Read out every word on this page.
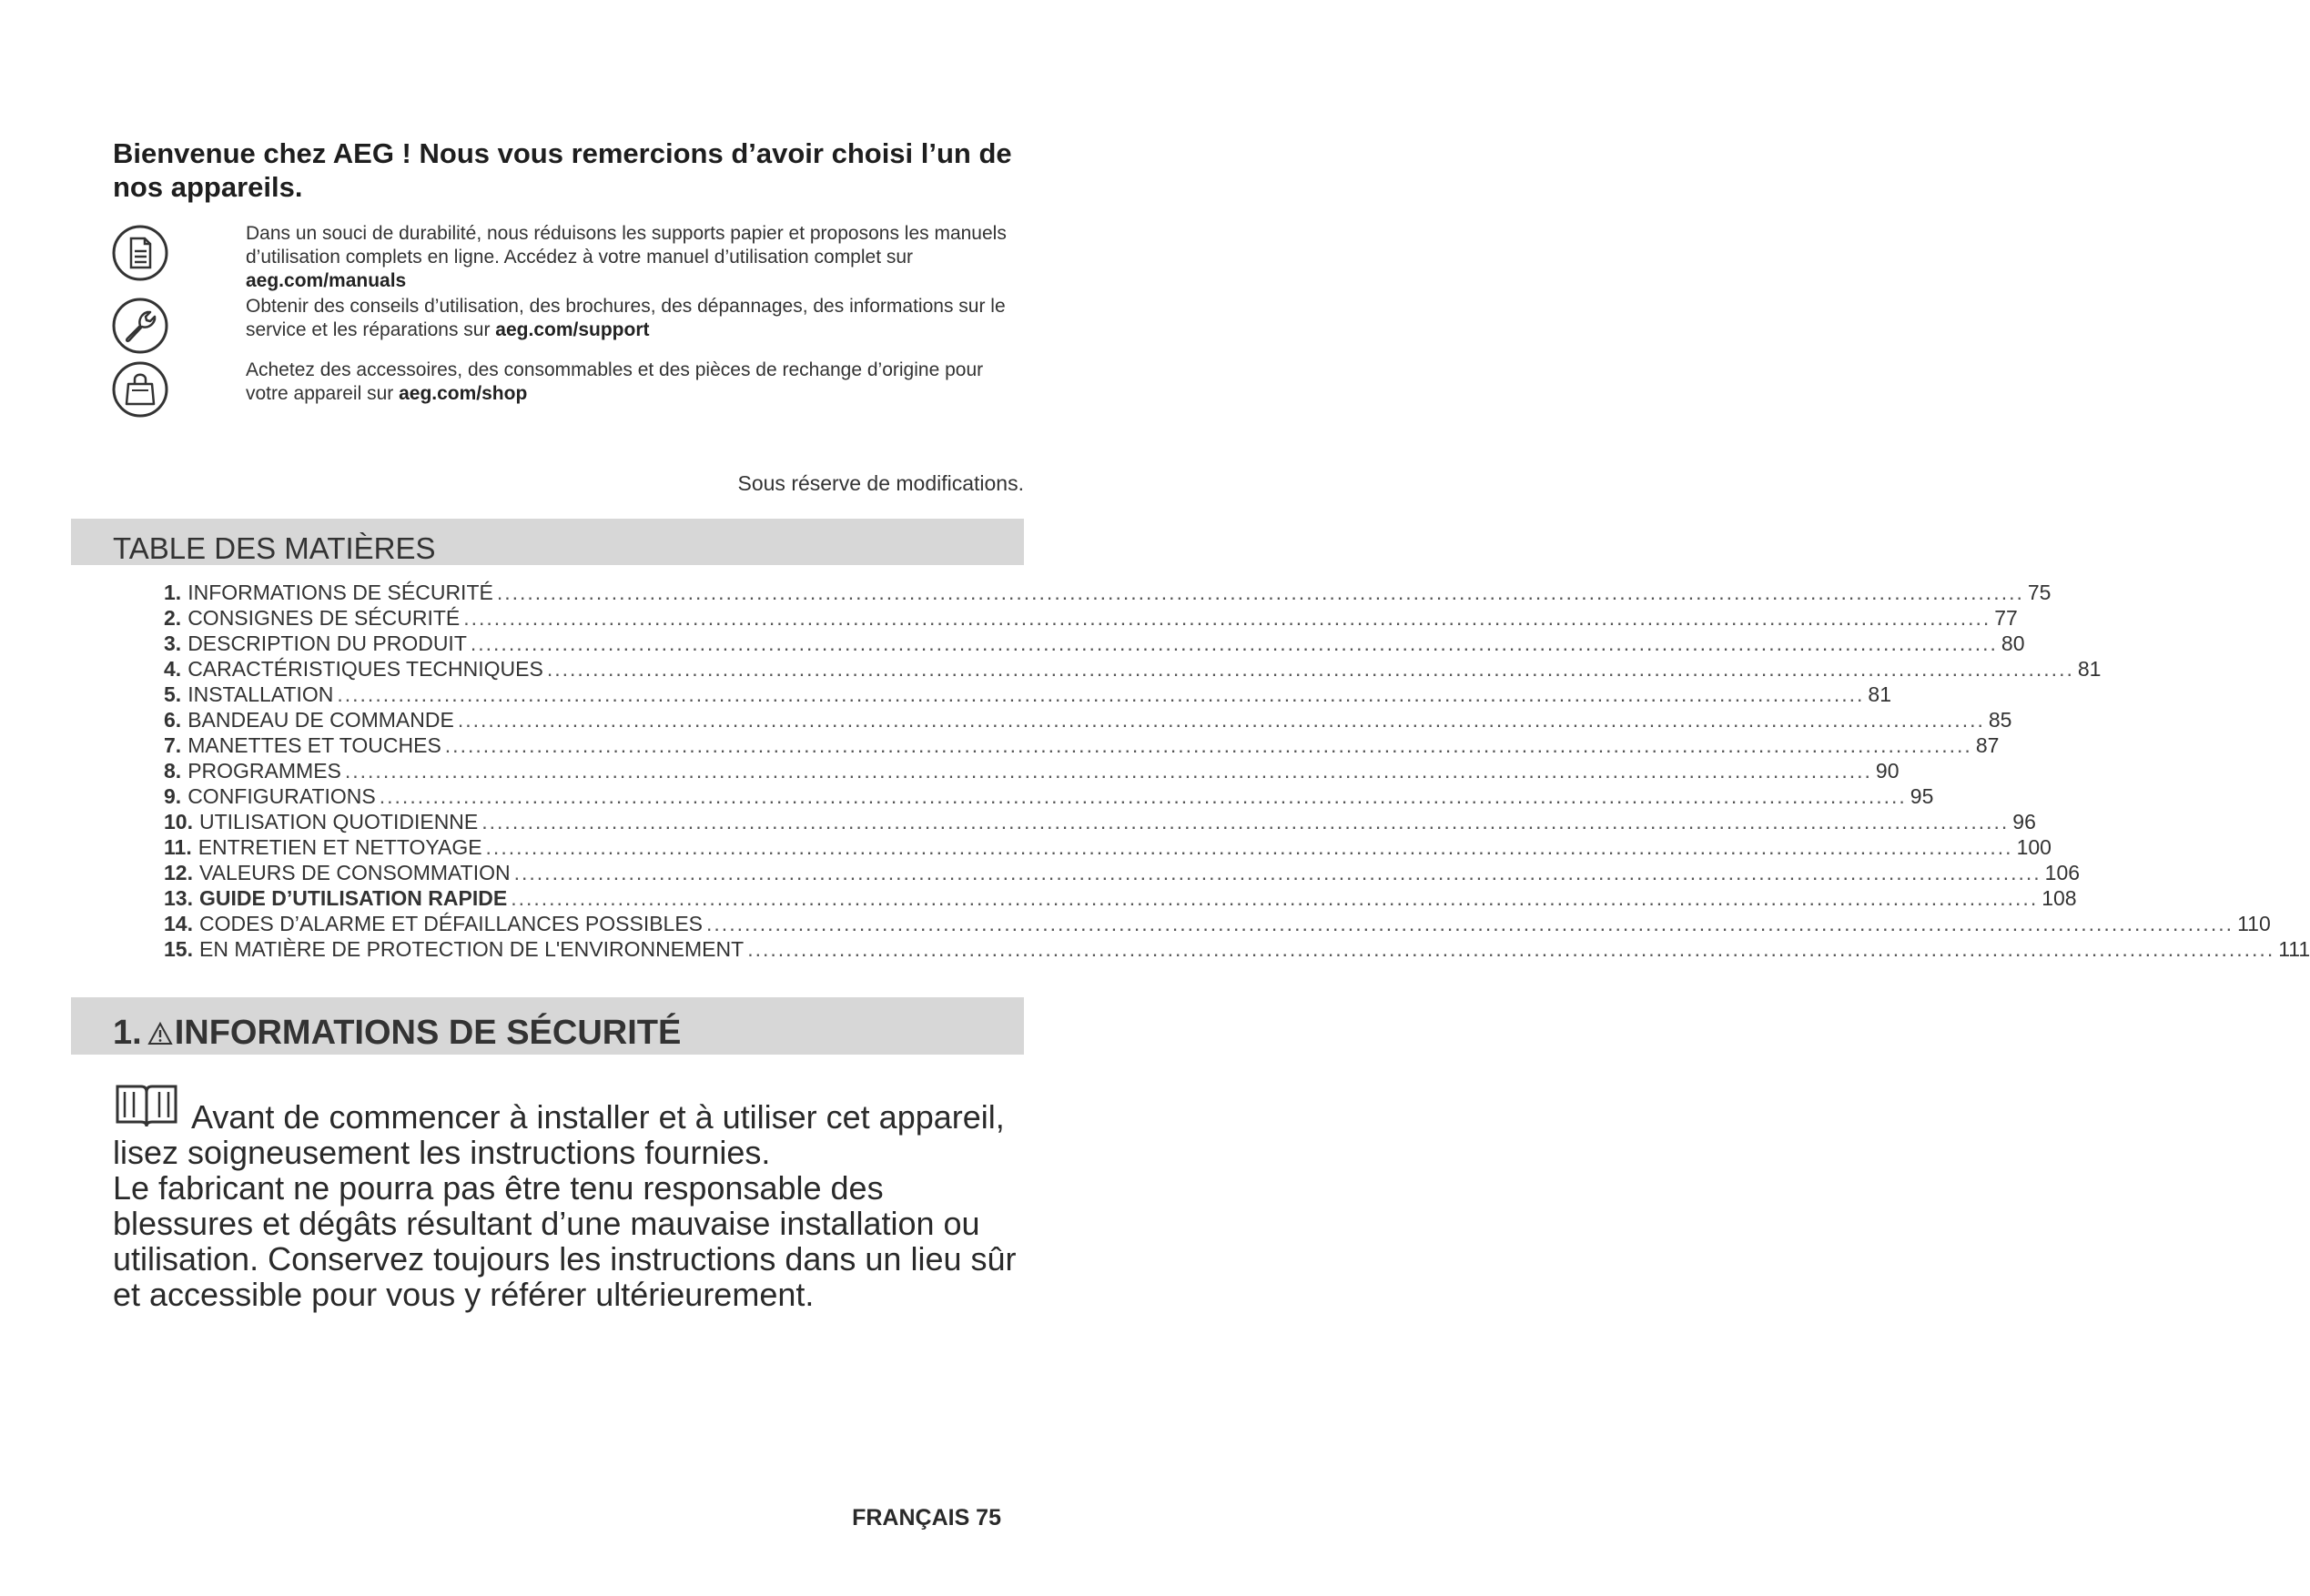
Bienvenue chez AEG ! Nous vous remercions d’avoir choisi l’un de nos appareils.
Dans un souci de durabilité, nous réduisons les supports papier et proposons les manuels d’utilisation complets en ligne. Accédez à votre manuel d’utilisation complet sur aeg.com/manuals
Obtenir des conseils d’utilisation, des brochures, des dépannages, des informations sur le service et les réparations sur aeg.com/support
Achetez des accessoires, des consommables et des pièces de rechange d’origine pour votre appareil sur aeg.com/shop
Sous réserve de modifications.
TABLE DES MATIÈRES
1. INFORMATIONS DE SÉCURITÉ ........................................................................................................................................................................................................ 75
2. CONSIGNES DE SÉCURITÉ ........................................................................................................................................................................................................ 77
3. DESCRIPTION DU PRODUIT ........................................................................................................................................................................................................ 80
4. CARACTÉRISTIQUES TECHNIQUES ........................................................................................................................................................................................................ 81
5. INSTALLATION ........................................................................................................................................................................................................ 81
6. BANDEAU DE COMMANDE ........................................................................................................................................................................................................ 85
7. MANETTES ET TOUCHES ........................................................................................................................................................................................................ 87
8. PROGRAMMES ........................................................................................................................................................................................................ 90
9. CONFIGURATIONS ........................................................................................................................................................................................................ 95
10. UTILISATION QUOTIDIENNE ........................................................................................................................................................................................................ 96
11. ENTRETIEN ET NETTOYAGE ........................................................................................................................................................................................................ 100
12. VALEURS DE CONSOMMATION ........................................................................................................................................................................................................ 106
13. GUIDE D’UTILISATION RAPIDE ........................................................................................................................................................................................................ 108
14. CODES D’ALARME ET DÉFAILLANCES POSSIBLES ........................................................................................................................................................................................................ 110
15. EN MATIÈRE DE PROTECTION DE L'ENVIRONNEMENT ........................................................................................................................................................................................................ 111
1. INFORMATIONS DE SÉCURITÉ

Avant de commencer à installer et à utiliser cet appareil, lisez soigneusement les instructions fournies.
Le fabricant ne pourra pas être tenu responsable des blessures et dégâts résultant d’une mauvaise installation ou utilisation. Conservez toujours les instructions dans un lieu sûr et accessible pour vous y référer ultérieurement.

FRANÇAIS 75
